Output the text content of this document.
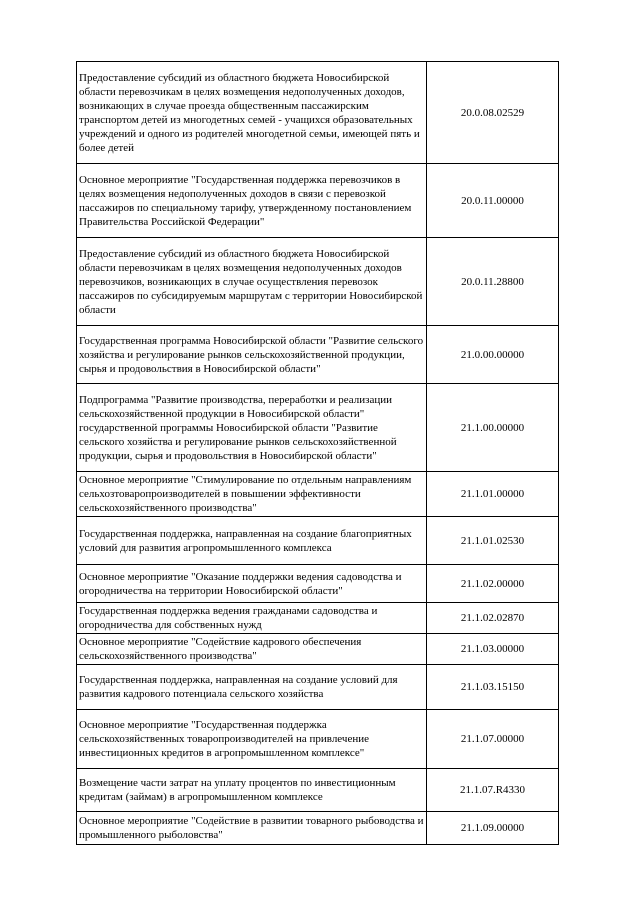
Предоставление субсидий из областного бюджета Новосибирской области перевозчикам в целях возмещения недополученных доходов, возникающих в случае проезда общественным пассажирским транспортом детей из многодетных семей - учащихся образовательных учреждений и одного из родителей многодетной семьи, имеющей пять и более детей	20.0.08.02529
Основное мероприятие "Государственная поддержка перевозчиков в целях возмещения недополученных доходов в связи с перевозкой пассажиров по специальному тарифу, утвержденному постановлением Правительства Российской Федерации"	20.0.11.00000
Предоставление субсидий из областного бюджета Новосибирской области перевозчикам в целях возмещения недополученных доходов перевозчиков, возникающих в случае осуществления перевозок пассажиров по субсидируемым маршрутам с территории Новосибирской области	20.0.11.28800
Государственная программа Новосибирской области "Развитие сельского хозяйства и регулирование рынков сельскохозяйственной продукции, сырья и продовольствия в Новосибирской области"	21.0.00.00000
Подпрограмма "Развитие производства, переработки и реализации сельскохозяйственной продукции в Новосибирской области" государственной программы Новосибирской области "Развитие сельского хозяйства и регулирование рынков сельскохозяйственной продукции, сырья и продовольствия в Новосибирской области"	21.1.00.00000
Основное мероприятие "Стимулирование по отдельным направлениям сельхозтоваропроизводителей в повышении эффективности сельскохозяйственного производства"	21.1.01.00000
Государственная поддержка, направленная на создание благоприятных условий для развития агропромышленного комплекса	21.1.01.02530
Основное мероприятие "Оказание поддержки ведения садоводства и огородничества на территории Новосибирской области"	21.1.02.00000
Государственная поддержка ведения гражданами садоводства и огородничества для собственных нужд	21.1.02.02870
Основное мероприятие "Содействие кадрового обеспечения сельскохозяйственного производства"	21.1.03.00000
Государственная поддержка, направленная на создание условий для развития кадрового потенциала сельского хозяйства	21.1.03.15150
Основное мероприятие "Государственная поддержка сельскохозяйственных товаропроизводителей на привлечение инвестиционных кредитов в агропромышленном комплексе"	21.1.07.00000
Возмещение части затрат на уплату процентов по инвестиционным кредитам (займам) в агропромышленном комплексе	21.1.07.R4330
Основное мероприятие "Содействие в развитии товарного рыбоводства и промышленного рыболовства"	21.1.09.00000
